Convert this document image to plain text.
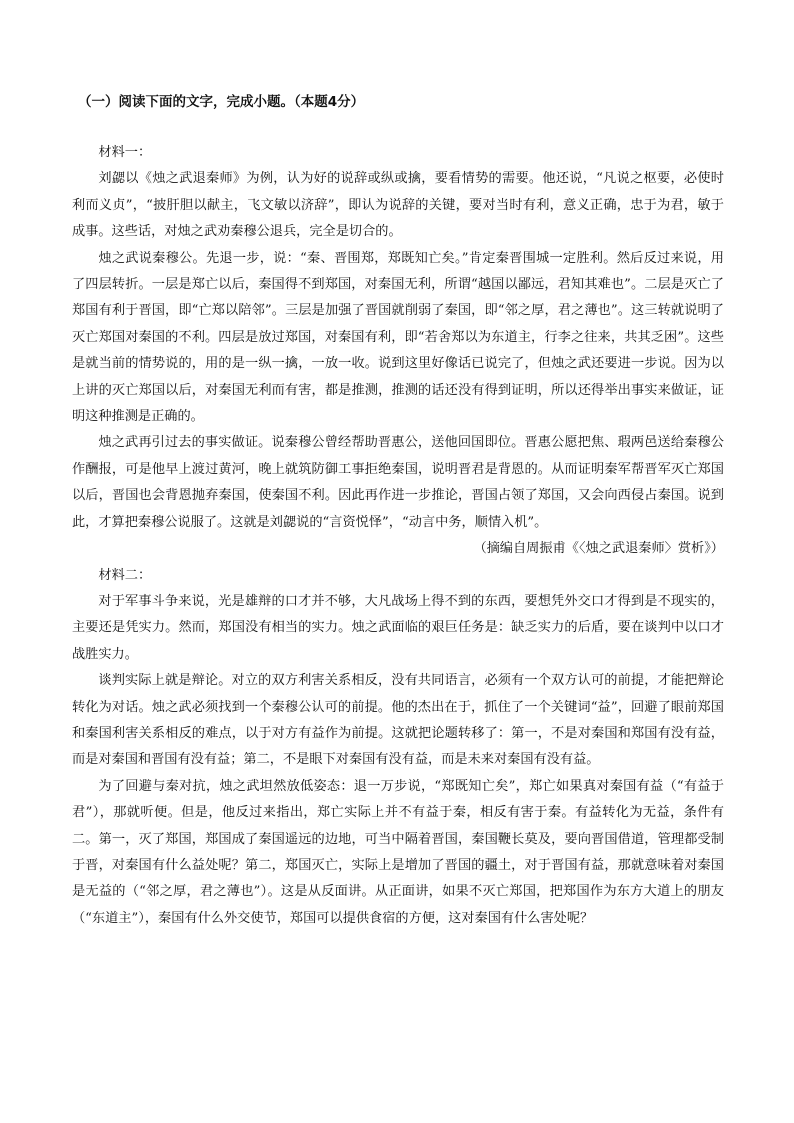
（一）阅读下面的文字，完成小题。（本题4分）

材料一：

刘勰以《烛之武退秦师》为例，认为好的说辞或纵或擒，要看情势的需要。他还说，“凡说之枢要，必使时利而义贞”，“披肝胆以献主，飞文敏以济辞”，即认为说辞的关键，要对当时有利，意义正确，忠于为君，敏于成事。这些话，对烛之武劝秦穆公退兵，完全是切合的。

烛之武说秦穆公。先退一步，说：“秦、晋围郑，郑既知亡矣。”肯定秦晋围城一定胜利。然后反过来说，用了四层转折。一层是郑亡以后，秦国得不到郑国，对秦国无利，所谓“越国以鄙远，君知其难也”。二层是灭亡了郑国有利于晋国，即“亡郑以陪邻”。三层是加强了晋国就削弱了秦国，即“邻之厚，君之薄也”。这三转就说明了灭亡郑国对秦国的不利。四层是放过郑国，对秦国有利，即“若舍郑以为东道主，行李之往来，共其乏困”。这些是就当前的情势说的，用的是一纵一擒，一放一收。说到这里好像话已说完了，但烛之武还要进一步说。因为以上讲的灭亡郑国以后，对秦国无利而有害，都是推测，推测的话还没有得到证明，所以还得举出事实来做证，证明这种推测是正确的。

烛之武再引过去的事实做证。说秦穆公曾经帮助晋惠公，送他回国即位。晋惠公愿把焦、瑕两邑送给秦穆公作酬报，可是他早上渡过黄河，晚上就筑防御工事拒绝秦国，说明晋君是背恩的。从而证明秦军帮晋军灭亡郑国以后，晋国也会背恩抛弃秦国，使秦国不利。因此再作进一步推论，晋国占领了郑国，又会向西侵占秦国。说到此，才算把秦穆公说服了。这就是刘勰说的“言资悦怿”，“动言中务，顺情入机”。

（摘编自周振甫《〈烛之武退秦师〉赏析》）

材料二：

对于军事斗争来说，光是雄辩的口才并不够，大凡战场上得不到的东西，要想凭外交口才得到是不现实的，主要还是凭实力。然而，郑国没有相当的实力。烛之武面临的艰巨任务是：缺乏实力的后盾，要在谈判中以口才战胜实力。

谈判实际上就是辩论。对立的双方利害关系相反，没有共同语言，必须有一个双方认可的前提，才能把辩论转化为对话。烛之武必须找到一个秦穆公认可的前提。他的杰出在于，抓住了一个关键词“益”，回避了眼前郑国和秦国利害关系相反的难点，以于对方有益作为前提。这就把论题转移了：第一，不是对秦国和郑国有没有益，而是对秦国和晋国有没有益；第二，不是眼下对秦国有没有益，而是未来对秦国有没有益。

为了回避与秦对抗，烛之武坦然放低姿态：退一万步说，“郑既知亡矣”，郑亡如果真对秦国有益（“有益于君”），那就听便。但是，他反过来指出，郑亡实际上并不有益于秦，相反有害于秦。有益转化为无益，条件有二。第一，灭了郑国，郑国成了秦国遥远的边地，可当中隔着晋国，秦国鞭长莫及，要向晋国借道，管理都受制于晋，对秦国有什么益处呢？第二，郑国灭亡，实际上是增加了晋国的疆土，对于晋国有益，那就意味着对秦国是无益的（“邻之厚，君之薄也”）。这是从反面讲。从正面讲，如果不灭亡郑国，把郑国作为东方大道上的朋友（“东道主”），秦国有什么外交使节，郑国可以提供食宿的方便，这对秦国有什么害处呢？
